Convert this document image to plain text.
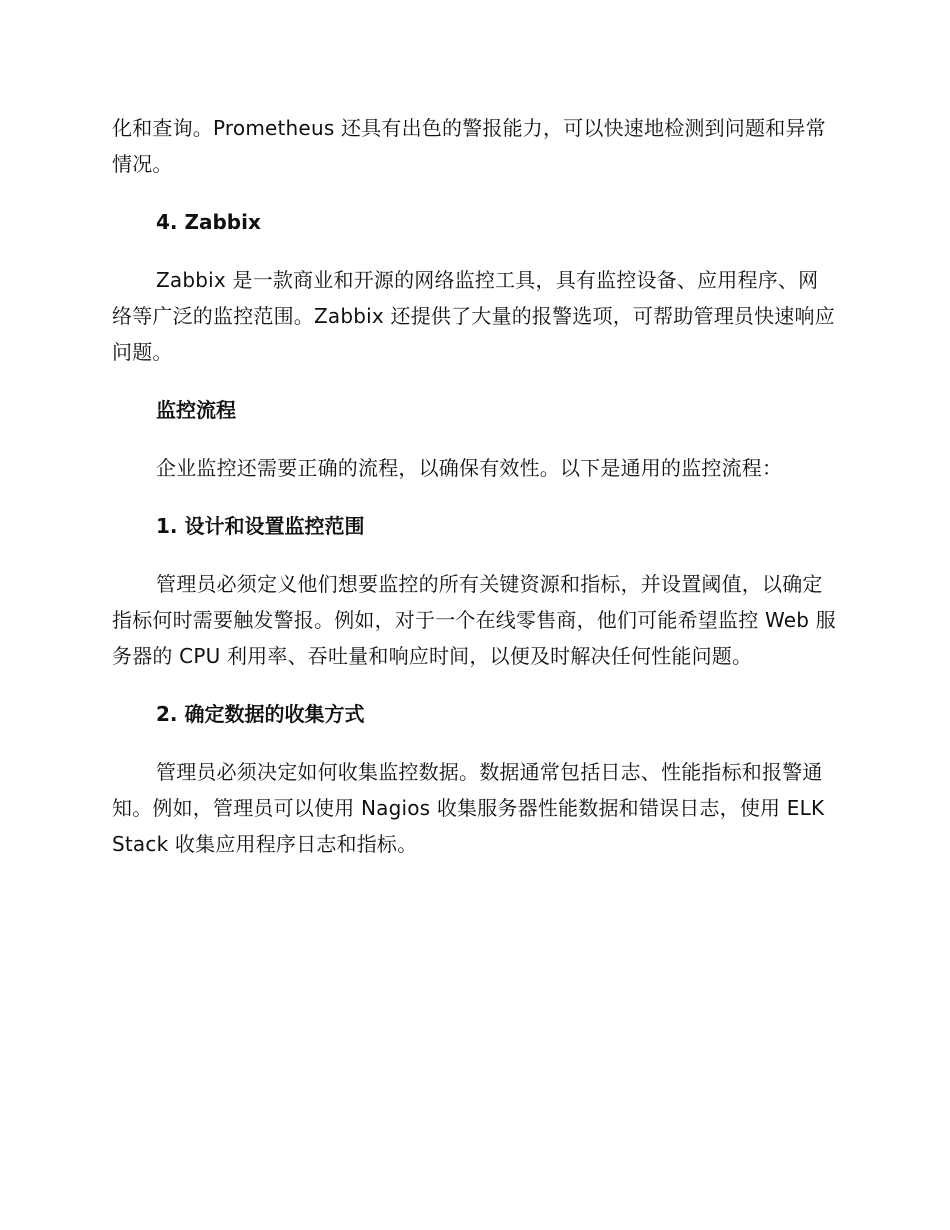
化和查询。Prometheus 还具有出色的警报能力，可以快速地检测到问题和异常情况。

4. Zabbix

Zabbix 是一款商业和开源的网络监控工具，具有监控设备、应用程序、网络等广泛的监控范围。Zabbix 还提供了大量的报警选项，可帮助管理员快速响应问题。

监控流程

企业监控还需要正确的流程，以确保有效性。以下是通用的监控流程：

1. 设计和设置监控范围

管理员必须定义他们想要监控的所有关键资源和指标，并设置阈值，以确定指标何时需要触发警报。例如，对于一个在线零售商，他们可能希望监控 Web 服务器的 CPU 利用率、吞吐量和响应时间，以便及时解决任何性能问题。

2. 确定数据的收集方式

管理员必须决定如何收集监控数据。数据通常包括日志、性能指标和报警通知。例如，管理员可以使用 Nagios 收集服务器性能数据和错误日志，使用 ELK Stack 收集应用程序日志和指标。
